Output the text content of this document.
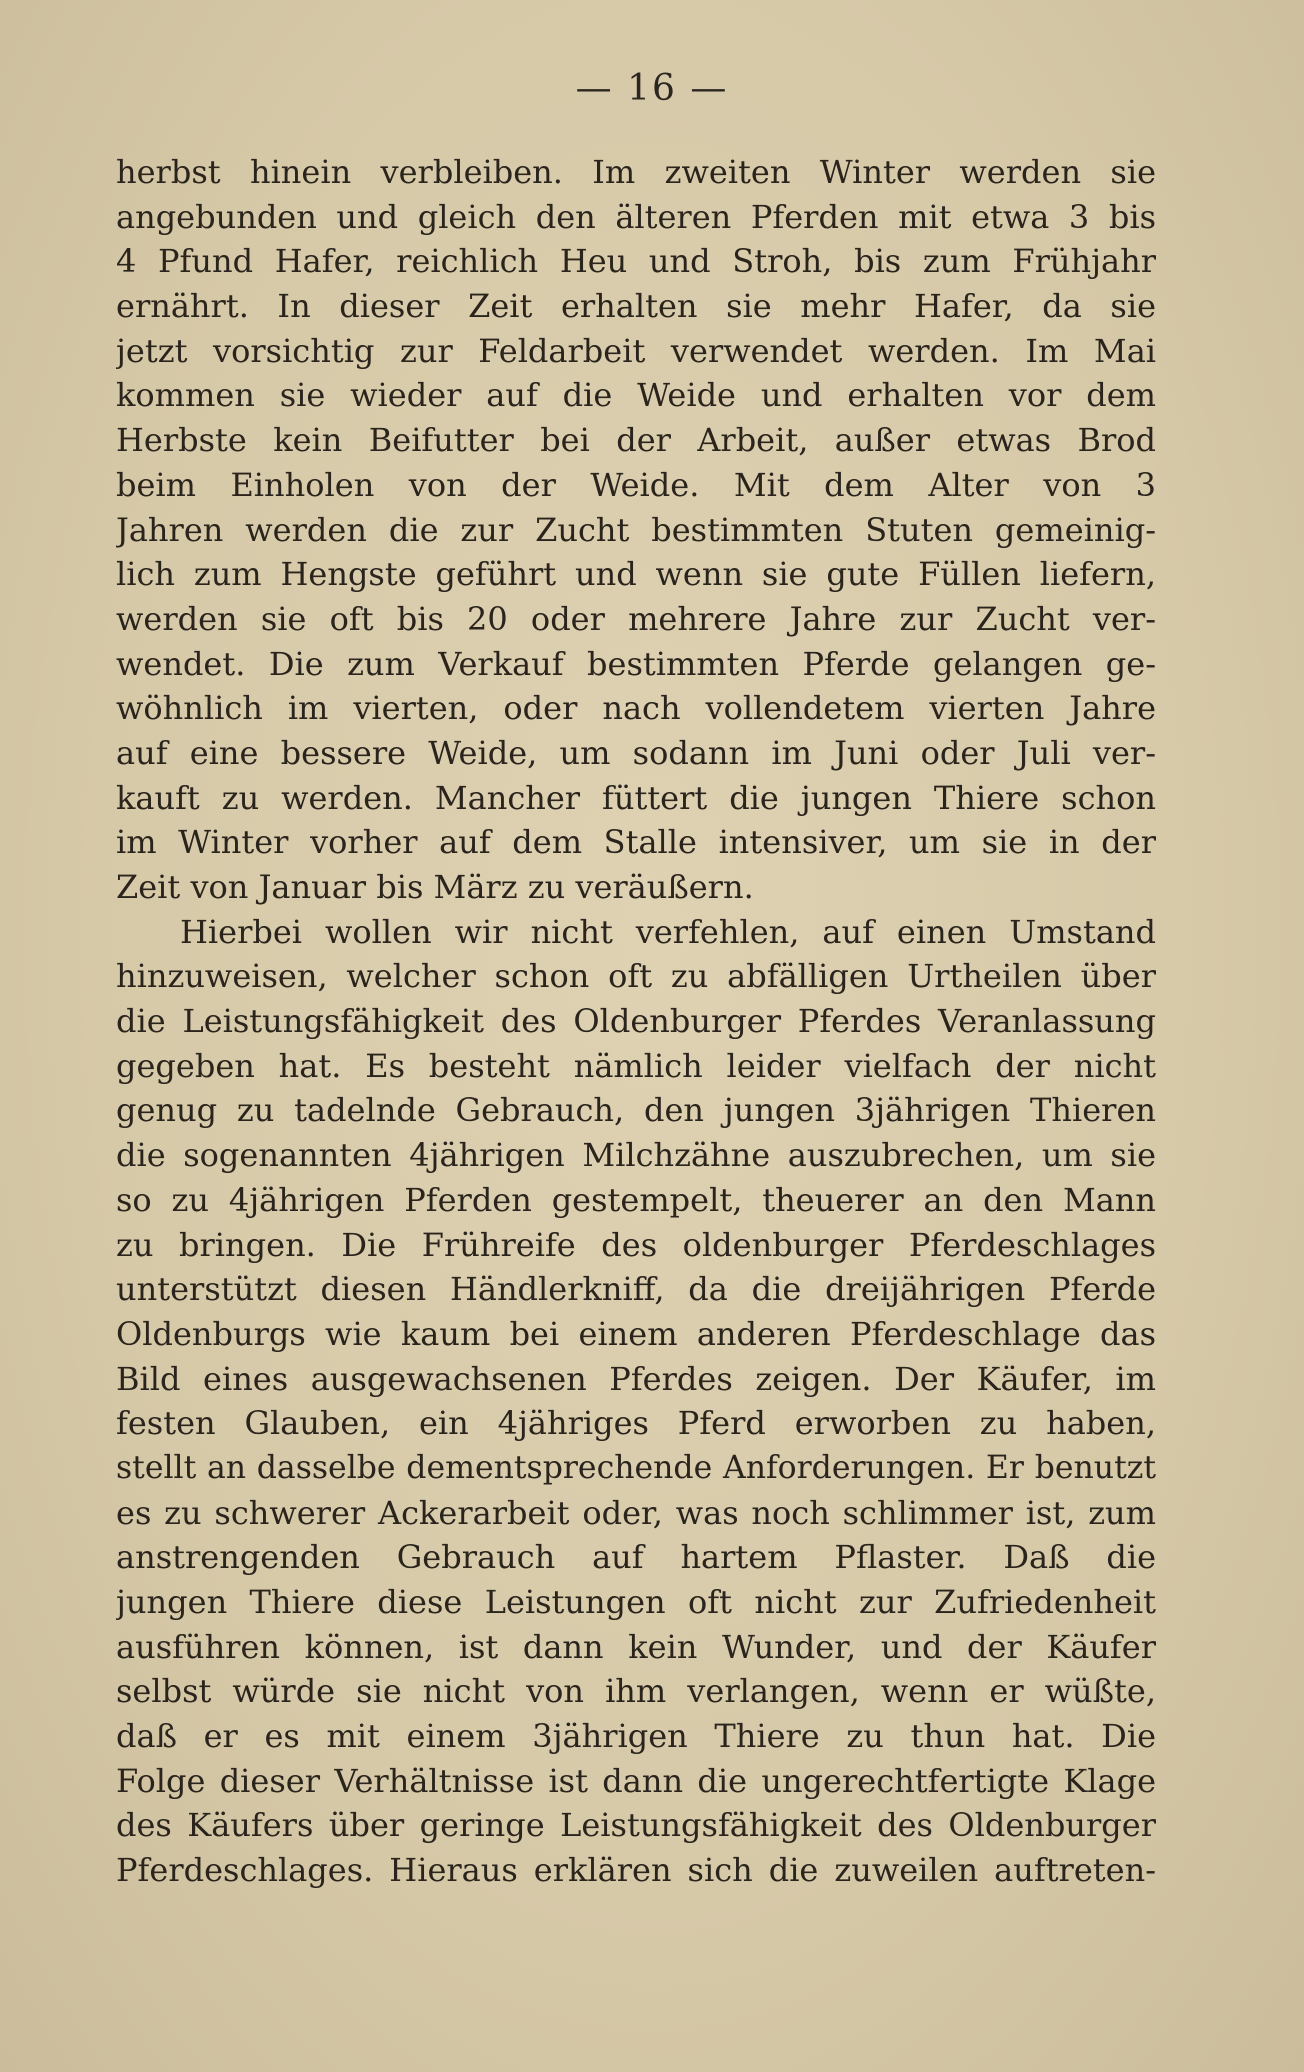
— 16 —
herbst hinein verbleiben. Im zweiten Winter werden sie
angebunden und gleich den älteren Pferden mit etwa 3 bis
4 Pfund Hafer, reichlich Heu und Stroh, bis zum Frühjahr
ernährt. In dieser Zeit erhalten sie mehr Hafer, da sie
jetzt vorsichtig zur Feldarbeit verwendet werden. Im Mai
kommen sie wieder auf die Weide und erhalten vor dem
Herbste kein Beifutter bei der Arbeit, außer etwas Brod
beim Einholen von der Weide. Mit dem Alter von 3
Jahren werden die zur Zucht bestimmten Stuten gemeinig-
lich zum Hengste geführt und wenn sie gute Füllen liefern,
werden sie oft bis 20 oder mehrere Jahre zur Zucht ver-
wendet. Die zum Verkauf bestimmten Pferde gelangen ge-
wöhnlich im vierten, oder nach vollendetem vierten Jahre
auf eine bessere Weide, um sodann im Juni oder Juli ver-
kauft zu werden. Mancher füttert die jungen Thiere schon
im Winter vorher auf dem Stalle intensiver, um sie in der
Zeit von Januar bis März zu veräußern.
Hierbei wollen wir nicht verfehlen, auf einen Umstand
hinzuweisen, welcher schon oft zu abfälligen Urtheilen über
die Leistungsfähigkeit des Oldenburger Pferdes Veranlassung
gegeben hat. Es besteht nämlich leider vielfach der nicht
genug zu tadelnde Gebrauch, den jungen 3jährigen Thieren
die sogenannten 4jährigen Milchzähne auszubrechen, um sie
so zu 4jährigen Pferden gestempelt, theuerer an den Mann
zu bringen. Die Frühreife des oldenburger Pferdeschlages
unterstützt diesen Händlerkniff, da die dreijährigen Pferde
Oldenburgs wie kaum bei einem anderen Pferdeschlage das
Bild eines ausgewachsenen Pferdes zeigen. Der Käufer, im
festen Glauben, ein 4jähriges Pferd erworben zu haben,
stellt an dasselbe dementsprechende Anforderungen. Er benutzt
es zu schwerer Ackerarbeit oder, was noch schlimmer ist, zum
anstrengenden Gebrauch auf hartem Pflaster. Daß die
jungen Thiere diese Leistungen oft nicht zur Zufriedenheit
ausführen können, ist dann kein Wunder, und der Käufer
selbst würde sie nicht von ihm verlangen, wenn er wüßte,
daß er es mit einem 3jährigen Thiere zu thun hat. Die
Folge dieser Verhältnisse ist dann die ungerechtfertigte Klage
des Käufers über geringe Leistungsfähigkeit des Oldenburger
Pferdeschlages. Hieraus erklären sich die zuweilen auftreten-
